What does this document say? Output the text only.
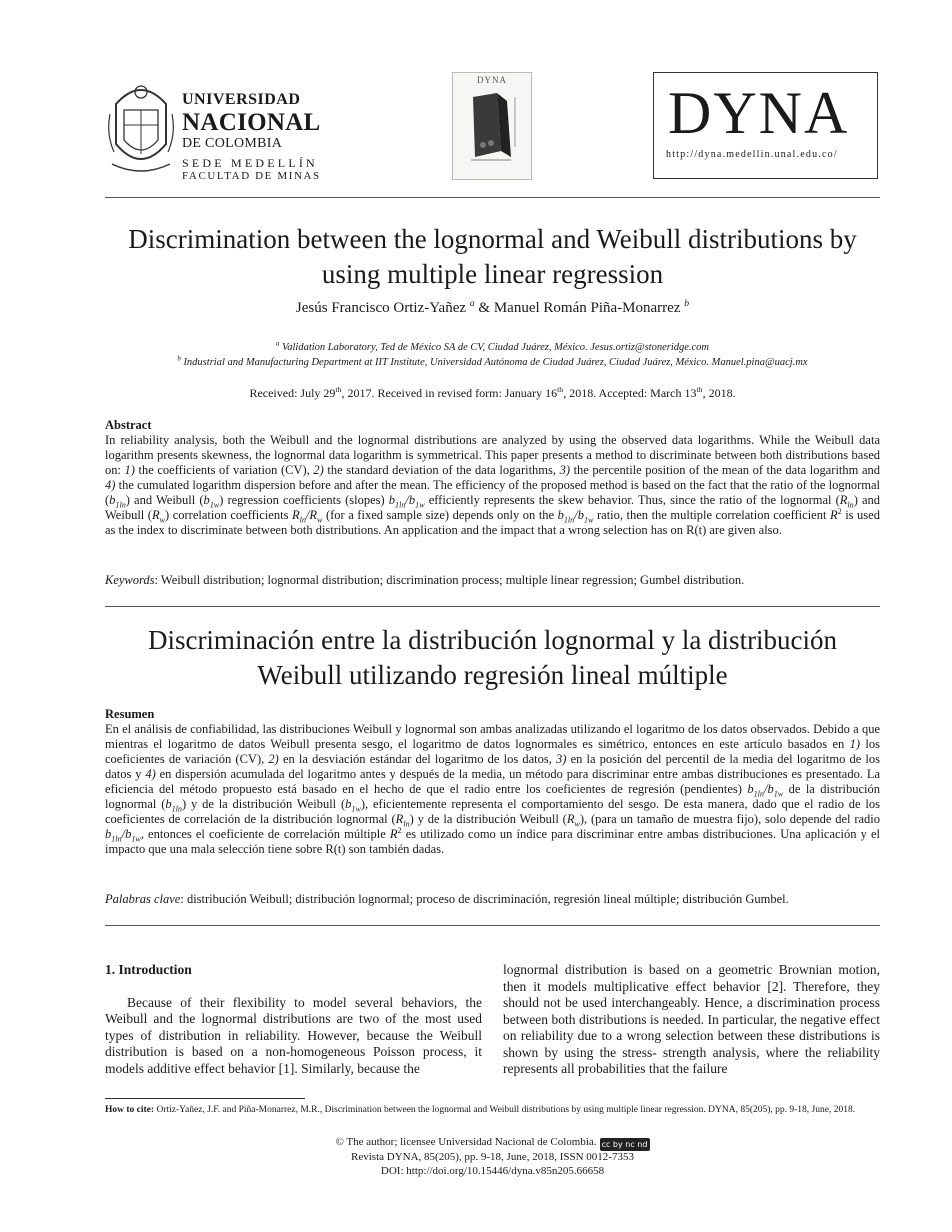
UNIVERSIDAD
NACIONAL
DE COLOMBIA
SEDE MEDELLÍN
FACULTAD DE MINAS
DYNA	DYNA
http://dyna.medellin.unal.edu.co/
Discrimination between the lognormal and Weibull distributions by
using multiple linear regression
Jesús Francisco Ortiz-Yañez $^a$ & Manuel Román Piña-Monarrez $^b$
$^a$ Validation Laboratory, Ted de México SA de CV, Ciudad Juárez, México. Jesus.ortiz@stoneridge.com
$^b$ Industrial and Manufacturing Department at IIT Institute, Universidad Autónoma de Ciudad Juárez, Ciudad Juárez, México. Manuel.pina@uacj.mx
Received: July 29th, 2017. Received in revised form: January 16th, 2018. Accepted: March 13th, 2018.
Abstract
In reliability analysis, both the Weibull and the lognormal distributions are analyzed by using the observed data logarithms. While the Weibull data logarithm presents skewness, the lognormal data logarithm is symmetrical. This paper presents a method to discriminate between both distributions based on: 1) the coefficients of variation (CV), 2) the standard deviation of the data logarithms, 3) the percentile position of the mean of the data logarithm and 4) the cumulated logarithm dispersion before and after the mean. The efficiency of the proposed method is based on the fact that the ratio of the lognormal $(b_{1ln})$ and Weibull $(b_{1w})$ regression coefficients (slopes) $b_{1ln}/b_{1w}$ efficiently represents the skew behavior. Thus, since the ratio of the lognormal $(R_{ln})$ and Weibull $(R_w)$ correlation coefficients $R_{ln}/R_w$ (for a fixed sample size) depends only on the $b_{1ln}/b_{1w}$ ratio, then the multiple correlation coefficient $R^2$ is used as the index to discriminate between both distributions. An application and the impact that a wrong selection has on R(t) are given also.
Keywords: Weibull distribution; lognormal distribution; discrimination process; multiple linear regression; Gumbel distribution.
Discriminación entre la distribución lognormal y la distribución
Weibull utilizando regresión lineal múltiple
Resumen
En el análisis de confiabilidad, las distribuciones Weibull y lognormal son ambas analizadas utilizando el logaritmo de los datos observados. Debido a que mientras el logaritmo de datos Weibull presenta sesgo, el logaritmo de datos lognormales es simétrico, entonces en este artículo basados en 1) los coeficientes de variación (CV), 2) en la desviación estándar del logaritmo de los datos, 3) en la posición del percentil de la media del logaritmo de los datos y 4) en dispersión acumulada del logaritmo antes y después de la media, un método para discriminar entre ambas distribuciones es presentado. La eficiencia del método propuesto está basado en el hecho de que el radio entre los coeficientes de regresión (pendientes) $b_{1ln}/b_{1w}$ de la distribución lognormal $(b_{1ln})$ y de la distribución Weibull $(b_{1w})$, eficientemente representa el comportamiento del sesgo. De esta manera, dado que el radio de los coeficientes de correlación de la distribución lognormal $(R_{ln})$ y de la distribución Weibull $(R_w)$, (para un tamaño de muestra fijo), solo depende del radio $b_{1ln}/b_{1w}$, entonces el coeficiente de correlación múltiple $R^2$ es utilizado como un índice para discriminar entre ambas distribuciones. Una aplicación y el impacto que una mala selección tiene sobre R(t) son también dadas.
Palabras clave: distribución Weibull; distribución lognormal; proceso de discriminación, regresión lineal múltiple; distribución Gumbel.
1. Introduction

Because of their flexibility to model several behaviors, the Weibull and the lognormal distributions are two of the most used types of distribution in reliability. However, because the Weibull distribution is based on a non-homogeneous Poisson process, it models additive effect behavior [1]. Similarly, because the

lognormal distribution is based on a geometric Brownian motion, then it models multiplicative effect behavior [2]. Therefore, they should not be used interchangeably. Hence, a discrimination process between both distributions is needed. In particular, the negative effect on reliability due to a wrong selection between these distributions is shown by using the stress- strength analysis, where the reliability represents all probabilities that the failure

How to cite: Ortiz-Yañez, J.F. and Piña-Monarrez, M.R., Discrimination between the lognormal and Weibull distributions by using multiple linear regression. DYNA, 85(205), pp. 9-18, June, 2018.
© The author; licensee Universidad Nacional de Colombia. cc by nc nd
Revista DYNA, 85(205), pp. 9-18, June, 2018, ISSN 0012-7353
DOI: http://doi.org/10.15446/dyna.v85n205.66658
